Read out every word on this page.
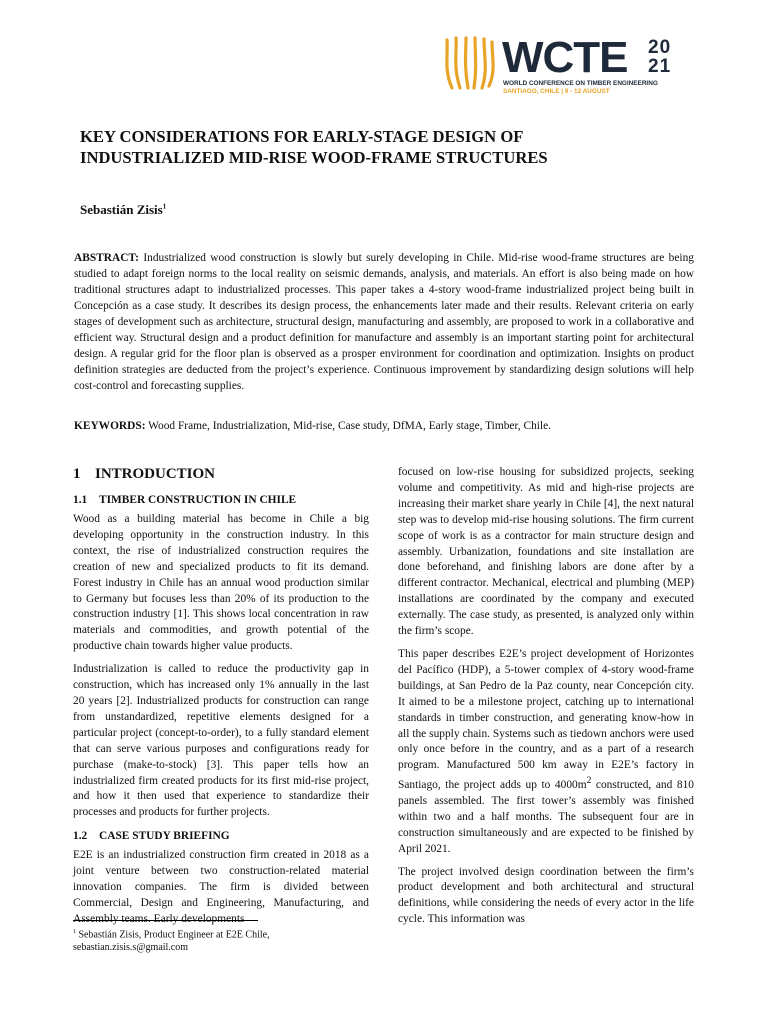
WCTE 20
21
WORLD CONFERENCE ON TIMBER ENGINEERING
SANTIAGO, CHILE | 9 - 12 AUGUST
KEY CONSIDERATIONS FOR EARLY-STAGE DESIGN OF
INDUSTRIALIZED MID-RISE WOOD-FRAME STRUCTURES
Sebastián Zisis$^1$
ABSTRACT: Industrialized wood construction is slowly but surely developing in Chile. Mid-rise wood-frame structures are being studied to adapt foreign norms to the local reality on seismic demands, analysis, and materials. An effort is also being made on how traditional structures adapt to industrialized processes. This paper takes a 4-story wood-frame industrialized project being built in Concepción as a case study. It describes its design process, the enhancements later made and their results. Relevant criteria on early stages of development such as architecture, structural design, manufacturing and assembly, are proposed to work in a collaborative and efficient way. Structural design and a product definition for manufacture and assembly is an important starting point for architectural design. A regular grid for the floor plan is observed as a prosper environment for coordination and optimization. Insights on product definition strategies are deducted from the project’s experience. Continuous improvement by standardizing design solutions will help cost-control and forecasting supplies.
KEYWORDS: Wood Frame, Industrialization, Mid-rise, Case study, DfMA, Early stage, Timber, Chile.
1 INTRODUCTION
1.1 TIMBER CONSTRUCTION IN CHILE

Wood as a building material has become in Chile a big developing opportunity in the construction industry. In this context, the rise of industrialized construction requires the creation of new and specialized products to fit its demand. Forest industry in Chile has an annual wood production similar to Germany but focuses less than 20% of its production to the construction industry [1]. This shows local concentration in raw materials and commodities, and growth potential of the productive chain towards higher value products.

Industrialization is called to reduce the productivity gap in construction, which has increased only 1% annually in the last 20 years [2]. Industrialized products for construction can range from unstandardized, repetitive elements designed for a particular project (concept-to-order), to a fully standard element that can serve various purposes and configurations ready for purchase (make-to-stock) [3]. This paper tells how an industrialized firm created products for its first mid-rise project, and how it then used that experience to standardize their processes and products for further projects.

1.2 CASE STUDY BRIEFING

E2E is an industrialized construction firm created in 2018 as a joint venture between two construction-related material innovation companies. The firm is divided between Commercial, Design and Engineering, Manufacturing, and Assembly teams. Early developments

focused on low-rise housing for subsidized projects, seeking volume and competitivity. As mid and high-rise projects are increasing their market share yearly in Chile [4], the next natural step was to develop mid-rise housing solutions. The firm current scope of work is as a contractor for main structure design and assembly. Urbanization, foundations and site installation are done beforehand, and finishing labors are done after by a different contractor. Mechanical, electrical and plumbing (MEP) installations are coordinated by the company and executed externally. The case study, as presented, is analyzed only within the firm’s scope.

This paper describes E2E’s project development of Horizontes del Pacífico (HDP), a 5-tower complex of 4-story wood-frame buildings, at San Pedro de la Paz county, near Concepción city. It aimed to be a milestone project, catching up to international standards in timber construction, and generating know-how in all the supply chain. Systems such as tiedown anchors were used only once before in the country, and as a part of a research program. Manufactured 500 km away in E2E’s factory in Santiago, the project adds up to $4000m^2$ constructed, and 810 panels assembled. The first tower’s assembly was finished within two and a half months. The subsequent four are in construction simultaneously and are expected to be finished by April 2021.

The project involved design coordination between the firm’s product development and both architectural and structural definitions, while considering the needs of every actor in the life cycle. This information was

$^1$ Sebastián Zisis, Product Engineer at E2E Chile,
sebastian.zisis.s@gmail.com
